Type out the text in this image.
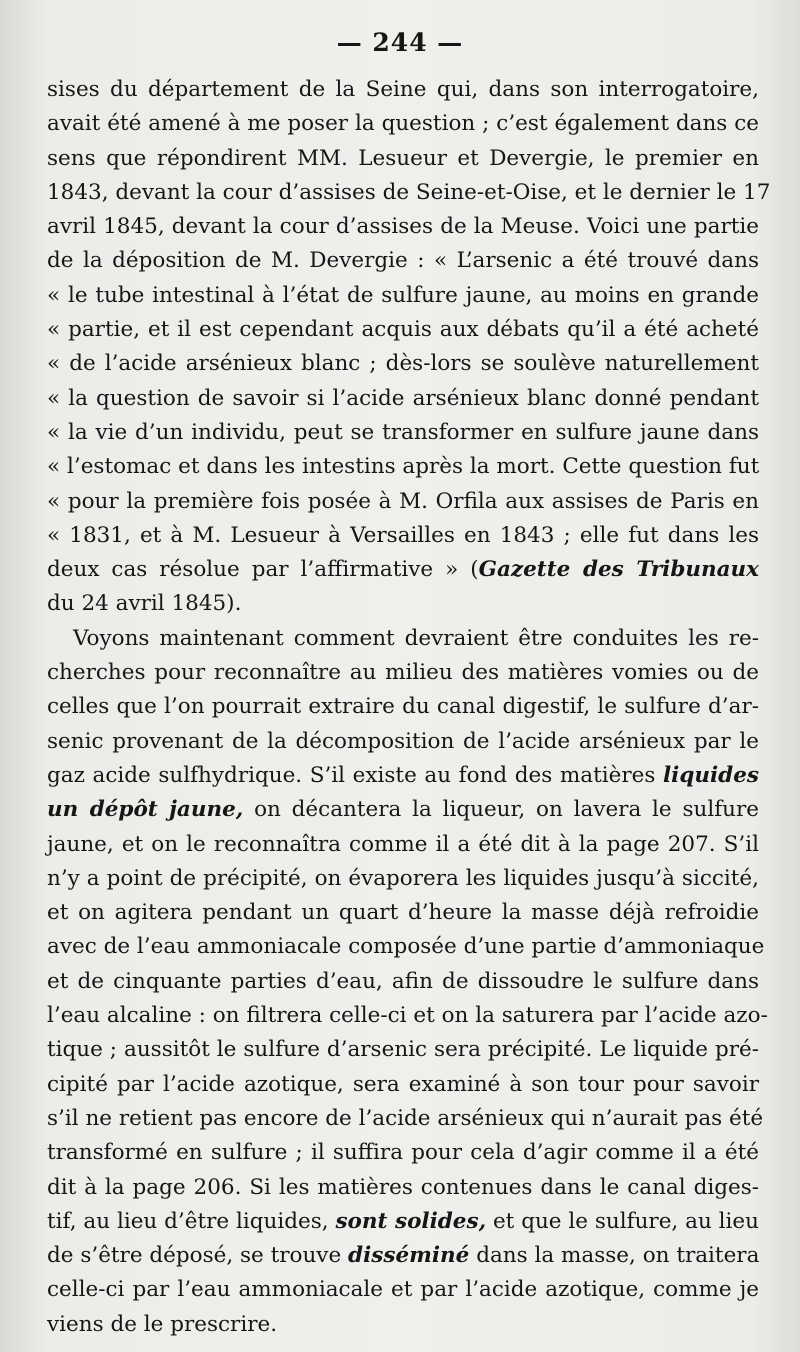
— 244 —
sises du département de la Seine qui, dans son interrogatoire,
avait été amené à me poser la question ; c’est également dans ce
sens que répondirent MM. Lesueur et Devergie, le premier en
1843, devant la cour d’assises de Seine-et-Oise, et le dernier le 17
avril 1845, devant la cour d’assises de la Meuse. Voici une partie
de la déposition de M. Devergie : « L’arsenic a été trouvé dans
« le tube intestinal à l’état de sulfure jaune, au moins en grande
« partie, et il est cependant acquis aux débats qu’il a été acheté
« de l’acide arsénieux blanc ; dès-lors se soulève naturellement
« la question de savoir si l’acide arsénieux blanc donné pendant
« la vie d’un individu, peut se transformer en sulfure jaune dans
« l’estomac et dans les intestins après la mort. Cette question fut
« pour la première fois posée à M. Orfila aux assises de Paris en
« 1831, et à M. Lesueur à Versailles en 1843 ; elle fut dans les
deux cas résolue par l’affirmative » (Gazette des Tribunaux
du 24 avril 1845).
Voyons maintenant comment devraient être conduites les re-
cherches pour reconnaître au milieu des matières vomies ou de
celles que l’on pourrait extraire du canal digestif, le sulfure d’ar-
senic provenant de la décomposition de l’acide arsénieux par le
gaz acide sulfhydrique. S’il existe au fond des matières liquides
un dépôt jaune, on décantera la liqueur, on lavera le sulfure
jaune, et on le reconnaîtra comme il a été dit à la page 207. S’il
n’y a point de précipité, on évaporera les liquides jusqu’à siccité,
et on agitera pendant un quart d’heure la masse déjà refroidie
avec de l’eau ammoniacale composée d’une partie d’ammoniaque
et de cinquante parties d’eau, afin de dissoudre le sulfure dans
l’eau alcaline : on filtrera celle-ci et on la saturera par l’acide azo-
tique ; aussitôt le sulfure d’arsenic sera précipité. Le liquide pré-
cipité par l’acide azotique, sera examiné à son tour pour savoir
s’il ne retient pas encore de l’acide arsénieux qui n’aurait pas été
transformé en sulfure ; il suffira pour cela d’agir comme il a été
dit à la page 206. Si les matières contenues dans le canal diges-
tif, au lieu d’être liquides, sont solides, et que le sulfure, au lieu
de s’être déposé, se trouve disséminé dans la masse, on traitera
celle-ci par l’eau ammoniacale et par l’acide azotique, comme je
viens de le prescrire.
